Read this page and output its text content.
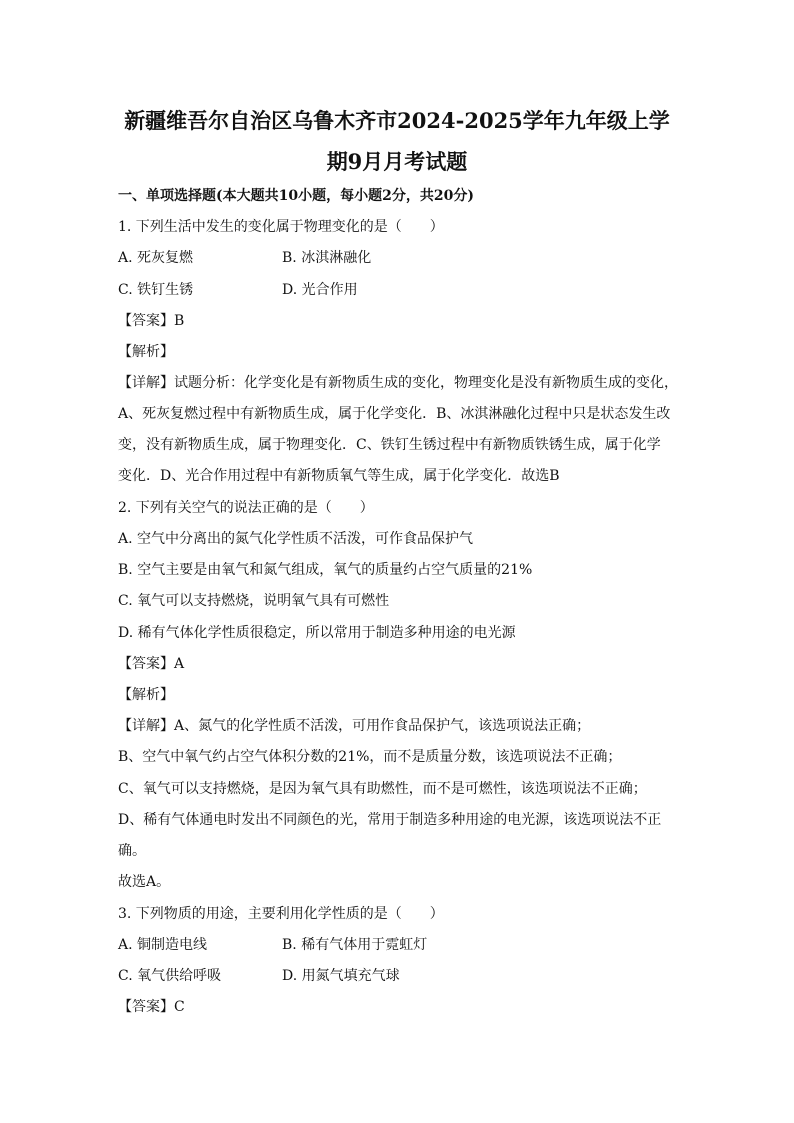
新疆维吾尔自治区乌鲁木齐市2024-2025学年九年级上学
期9月月考试题
一、单项选择题(本大题共10小题，每小题2分，共20分)
1. 下列生活中发生的变化属于物理变化的是（　　）
A. 死灰复燃	B. 冰淇淋融化
C. 铁钉生锈	D. 光合作用
【答案】B
【解析】
【详解】试题分析：化学变化是有新物质生成的变化，物理变化是没有新物质生成的变化，
A、死灰复燃过程中有新物质生成，属于化学变化．B、冰淇淋融化过程中只是状态发生改
变，没有新物质生成，属于物理变化．C、铁钉生锈过程中有新物质铁锈生成，属于化学
变化．D、光合作用过程中有新物质氧气等生成，属于化学变化．故选B
2. 下列有关空气的说法正确的是（　　）
A. 空气中分离出的氮气化学性质不活泼，可作食品保护气
B. 空气主要是由氧气和氮气组成，氧气的质量约占空气质量的21%
C. 氧气可以支持燃烧，说明氧气具有可燃性
D. 稀有气体化学性质很稳定，所以常用于制造多种用途的电光源
【答案】A
【解析】
【详解】A、氮气的化学性质不活泼，可用作食品保护气，该选项说法正确；
B、空气中氧气约占空气体积分数的21%，而不是质量分数，该选项说法不正确；
C、氧气可以支持燃烧，是因为氧气具有助燃性，而不是可燃性，该选项说法不正确；
D、稀有气体通电时发出不同颜色的光，常用于制造多种用途的电光源，该选项说法不正
确。
故选A。
3. 下列物质的用途，主要利用化学性质的是（　　）
A. 铜制造电线	B. 稀有气体用于霓虹灯
C. 氧气供给呼吸	D. 用氮气填充气球
【答案】C
